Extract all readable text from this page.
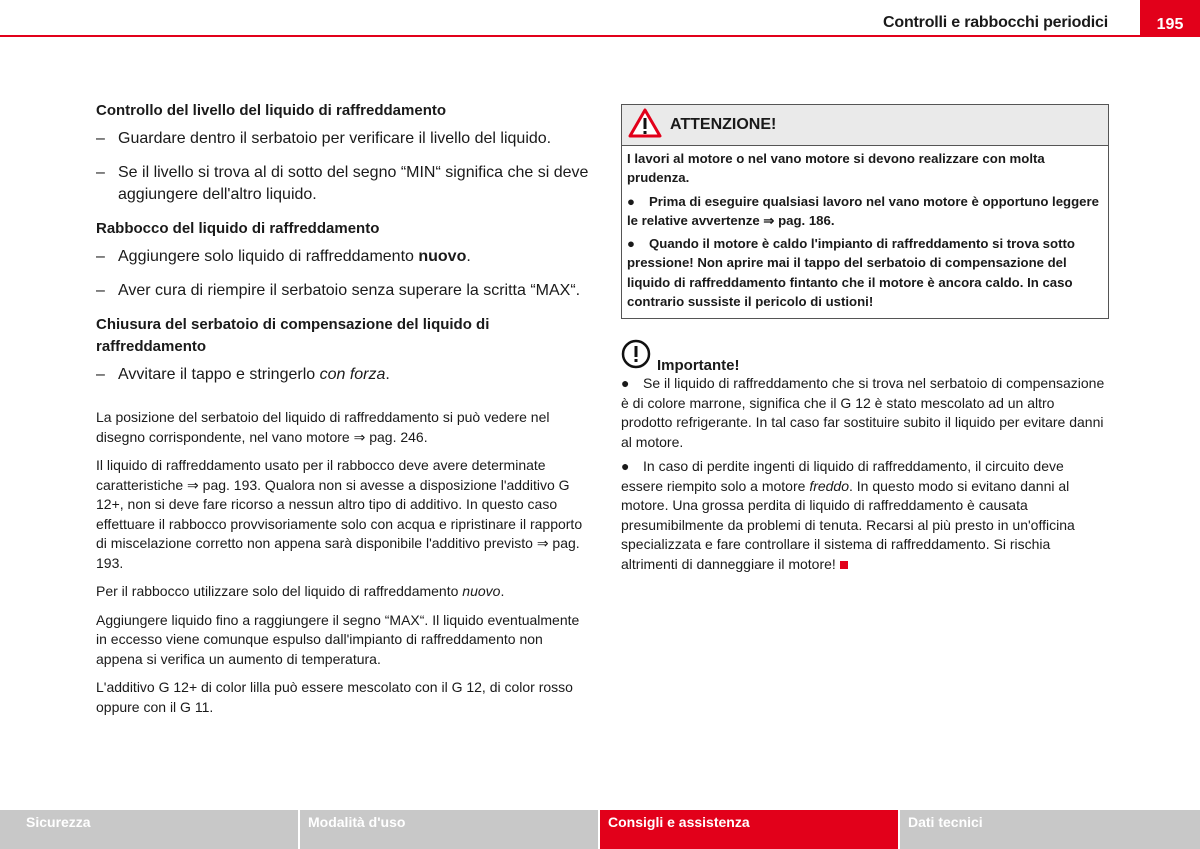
Controlli e rabbocchi periodici	195
Controllo del livello del liquido di raffreddamento
– Guardare dentro il serbatoio per verificare il livello del liquido.
– Se il livello si trova al di sotto del segno “MIN“ significa che si deve aggiungere dell'altro liquido.
Rabbocco del liquido di raffreddamento
– Aggiungere solo liquido di raffreddamento nuovo.
– Aver cura di riempire il serbatoio senza superare la scritta “MAX“.
Chiusura del serbatoio di compensazione del liquido di raffreddamento
– Avvitare il tappo e stringerlo con forza.

La posizione del serbatoio del liquido di raffreddamento si può vedere nel disegno corrispondente, nel vano motore ⇒ pag. 246.

Il liquido di raffreddamento usato per il rabbocco deve avere determinate caratteristiche ⇒ pag. 193. Qualora non si avesse a disposizione l'additivo G 12+, non si deve fare ricorso a nessun altro tipo di additivo. In questo caso effettuare il rabbocco provvisoriamente solo con acqua e ripristinare il rapporto di miscelazione corretto non appena sarà disponibile l'additivo previsto ⇒ pag. 193.

Per il rabbocco utilizzare solo del liquido di raffreddamento nuovo.

Aggiungere liquido fino a raggiungere il segno “MAX“. Il liquido eventualmente in eccesso viene comunque espulso dall'impianto di raffreddamento non appena si verifica un aumento di temperatura.

L'additivo G 12+ di color lilla può essere mescolato con il G 12, di color rosso oppure con il G 11.

ATTENZIONE!

I lavori al motore o nel vano motore si devono realizzare con molta prudenza.

● Prima di eseguire qualsiasi lavoro nel vano motore è opportuno leggere le relative avvertenze ⇒ pag. 186.

● Quando il motore è caldo l'impianto di raffreddamento si trova sotto pressione! Non aprire mai il tappo del serbatoio di compensazione del liquido di raffreddamento fintanto che il motore è ancora caldo. In caso contrario sussiste il pericolo di ustioni!

Importante!

● Se il liquido di raffreddamento che si trova nel serbatoio di compensazione è di colore marrone, significa che il G 12 è stato mescolato ad un altro prodotto refrigerante. In tal caso far sostituire subito il liquido per evitare danni al motore.

● In caso di perdite ingenti di liquido di raffreddamento, il circuito deve essere riempito solo a motore freddo. In questo modo si evitano danni al motore. Una grossa perdita di liquido di raffreddamento è causata presumibilmente da problemi di tenuta. Recarsi al più presto in un'officina specializzata e fare controllare il sistema di raffreddamento. Si rischia altrimenti di danneggiare il motore!

Sicurezza	Modalità d'uso	Consigli e assistenza	Dati tecnici
